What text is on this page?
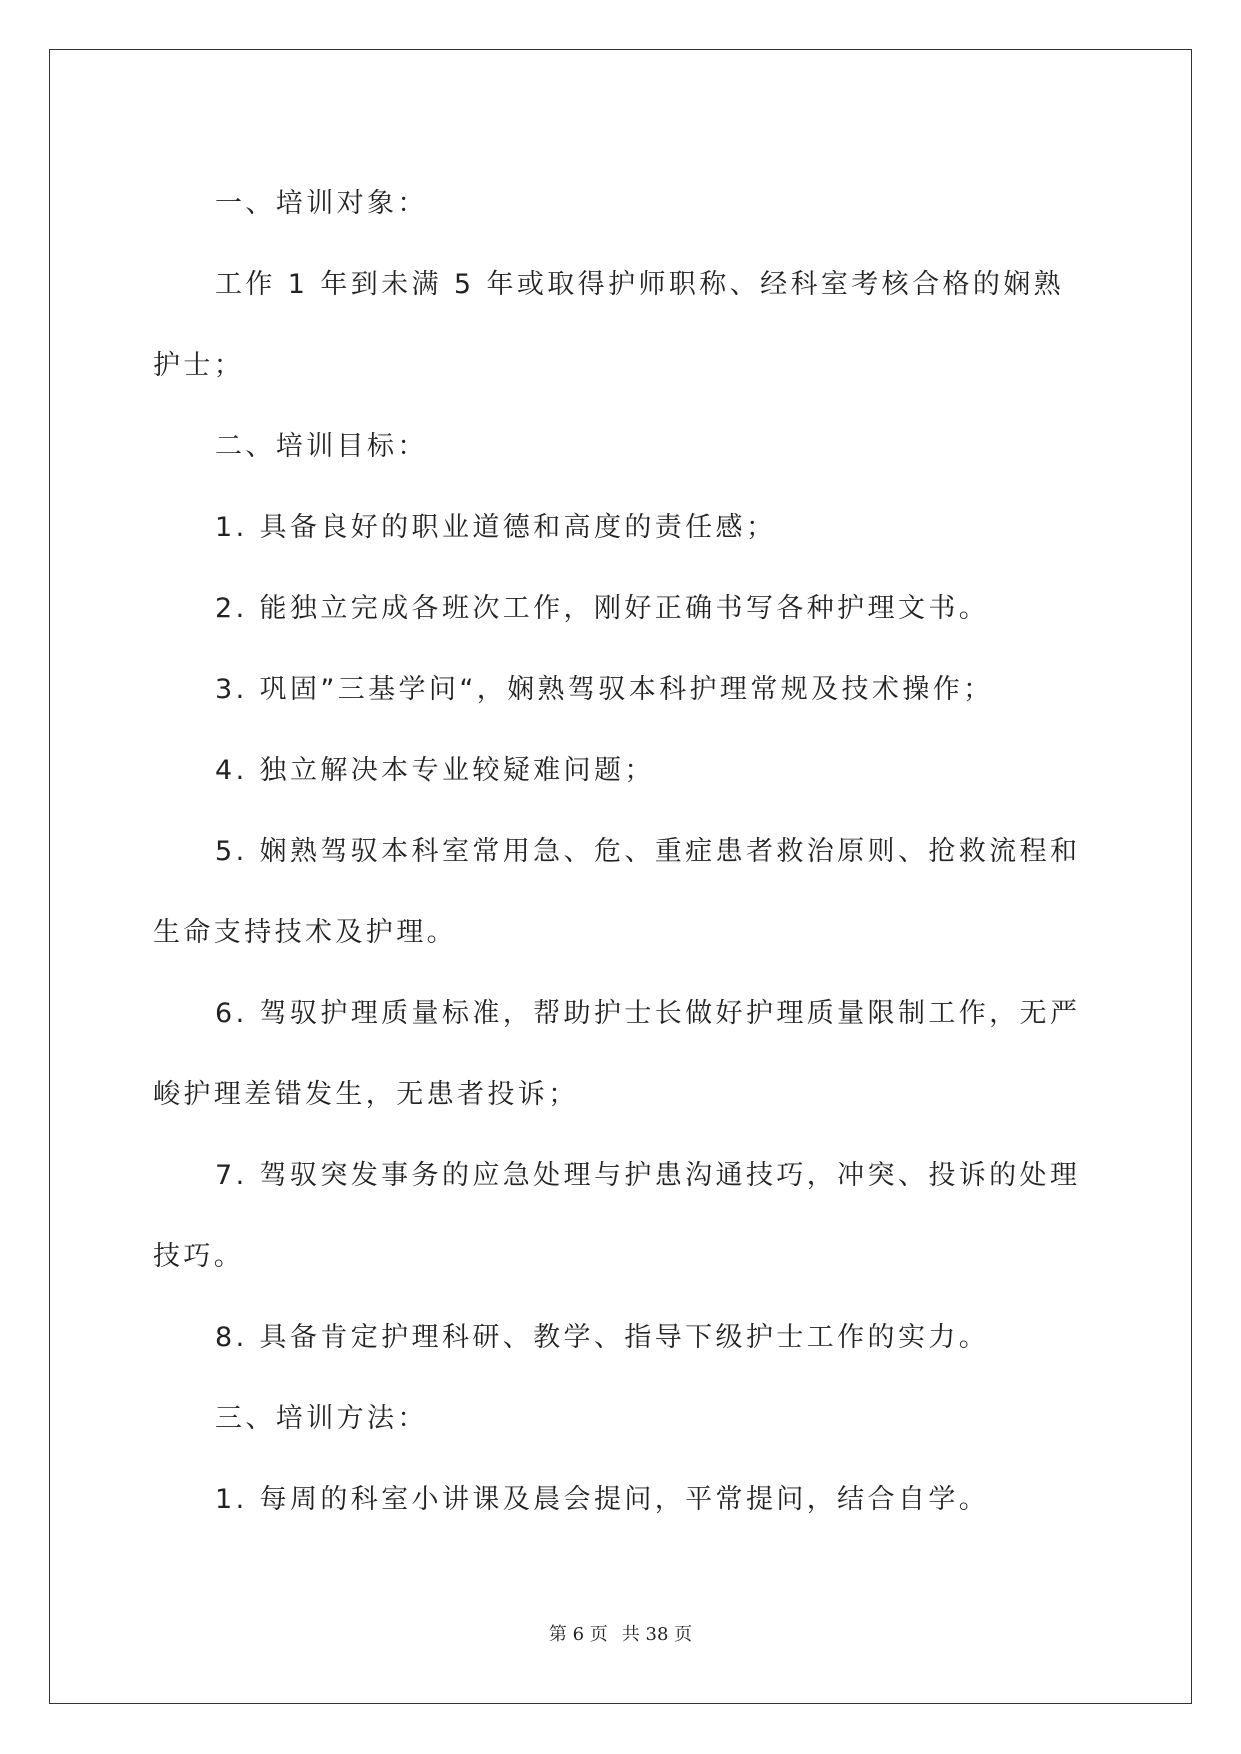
一、培训对象：

工作 1 年到未满 5 年或取得护师职称、经科室考核合格的娴熟护士；

二、培训目标：

1. 具备良好的职业道德和高度的责任感；

2. 能独立完成各班次工作，刚好正确书写各种护理文书。

3. 巩固”三基学问“，娴熟驾驭本科护理常规及技术操作；

4. 独立解决本专业较疑难问题；

5. 娴熟驾驭本科室常用急、危、重症患者救治原则、抢救流程和生命支持技术及护理。

6. 驾驭护理质量标准，帮助护士长做好护理质量限制工作，无严峻护理差错发生，无患者投诉；

7. 驾驭突发事务的应急处理与护患沟通技巧，冲突、投诉的处理技巧。

8. 具备肯定护理科研、教学、指导下级护士工作的实力。

三、培训方法：

1. 每周的科室小讲课及晨会提问，平常提问，结合自学。

第 6 页 共 38 页
